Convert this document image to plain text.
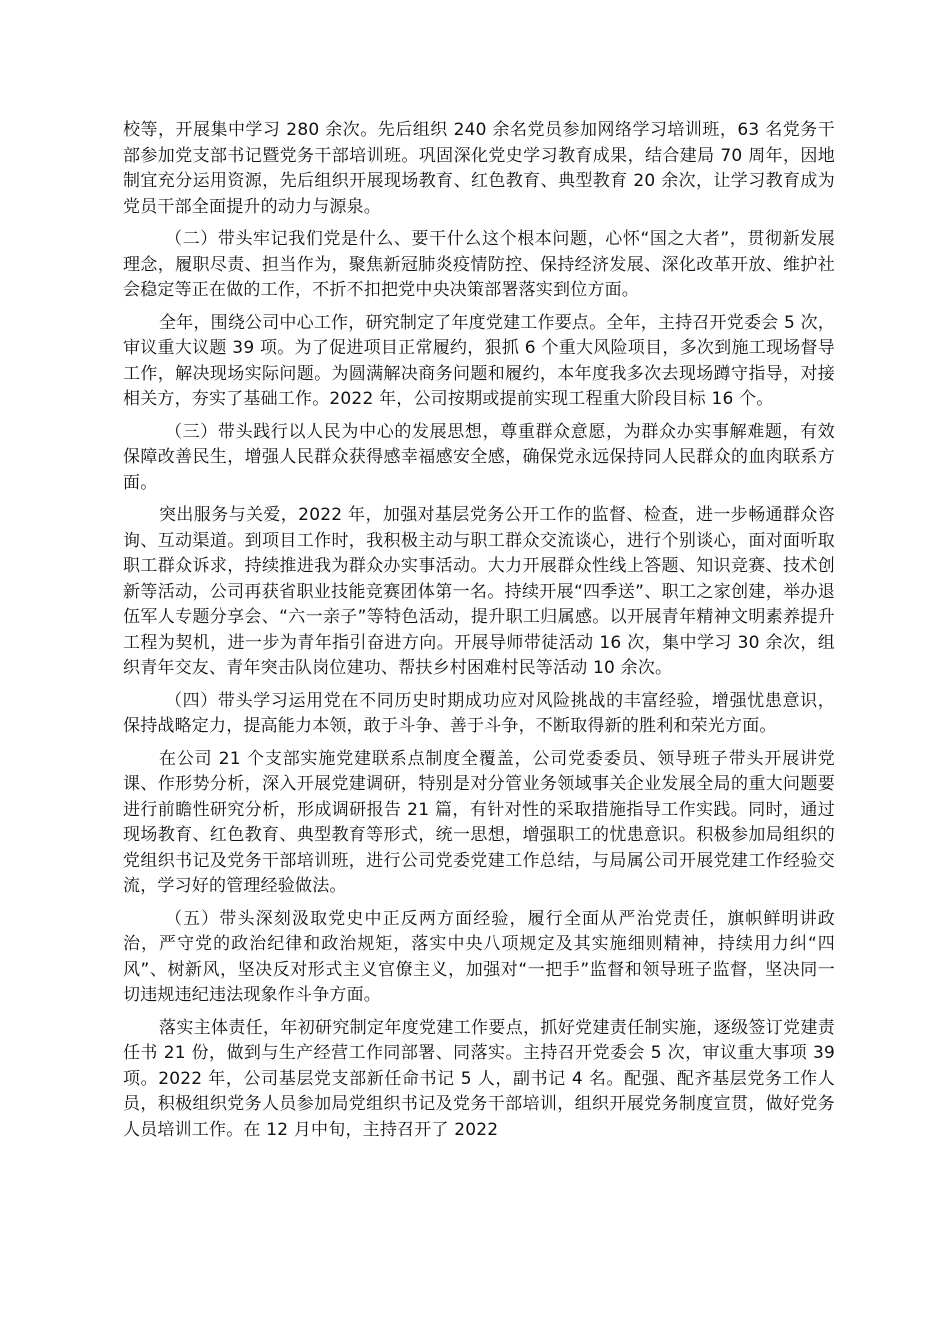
校等，开展集中学习 280 余次。先后组织 240 余名党员参加网络学习培训班，63 名党务干部参加党支部书记暨党务干部培训班。巩固深化党史学习教育成果，结合建局 70 周年，因地制宜充分运用资源，先后组织开展现场教育、红色教育、典型教育 20 余次，让学习教育成为党员干部全面提升的动力与源泉。

（二）带头牢记我们党是什么、要干什么这个根本问题，心怀“国之大者”，贯彻新发展理念，履职尽责、担当作为，聚焦新冠肺炎疫情防控、保持经济发展、深化改革开放、维护社会稳定等正在做的工作，不折不扣把党中央决策部署落实到位方面。

全年，围绕公司中心工作，研究制定了年度党建工作要点。全年，主持召开党委会 5 次，审议重大议题 39 项。为了促进项目正常履约，狠抓 6 个重大风险项目，多次到施工现场督导工作，解决现场实际问题。为圆满解决商务问题和履约，本年度我多次去现场蹲守指导，对接相关方，夯实了基础工作。2022 年，公司按期或提前实现工程重大阶段目标 16 个。

（三）带头践行以人民为中心的发展思想，尊重群众意愿，为群众办实事解难题，有效保障改善民生，增强人民群众获得感幸福感安全感，确保党永远保持同人民群众的血肉联系方面。

突出服务与关爱，2022 年，加强对基层党务公开工作的监督、检查，进一步畅通群众咨询、互动渠道。到项目工作时，我积极主动与职工群众交流谈心，进行个别谈心，面对面听取职工群众诉求，持续推进我为群众办实事活动。大力开展群众性线上答题、知识竞赛、技术创新等活动，公司再获省职业技能竞赛团体第一名。持续开展“四季送”、职工之家创建，举办退伍军人专题分享会、“六一亲子”等特色活动，提升职工归属感。以开展青年精神文明素养提升工程为契机，进一步为青年指引奋进方向。开展导师带徒活动 16 次，集中学习 30 余次，组织青年交友、青年突击队岗位建功、帮扶乡村困难村民等活动 10 余次。

（四）带头学习运用党在不同历史时期成功应对风险挑战的丰富经验，增强忧患意识，保持战略定力，提高能力本领，敢于斗争、善于斗争，不断取得新的胜利和荣光方面。

在公司 21 个支部实施党建联系点制度全覆盖，公司党委委员、领导班子带头开展讲党课、作形势分析，深入开展党建调研，特别是对分管业务领域事关企业发展全局的重大问题要进行前瞻性研究分析，形成调研报告 21 篇，有针对性的采取措施指导工作实践。同时，通过现场教育、红色教育、典型教育等形式，统一思想，增强职工的忧患意识。积极参加局组织的党组织书记及党务干部培训班，进行公司党委党建工作总结，与局属公司开展党建工作经验交流，学习好的管理经验做法。

（五）带头深刻汲取党史中正反两方面经验，履行全面从严治党责任，旗帜鲜明讲政治，严守党的政治纪律和政治规矩，落实中央八项规定及其实施细则精神，持续用力纠“四风”、树新风，坚决反对形式主义官僚主义，加强对“一把手”监督和领导班子监督，坚决同一切违规违纪违法现象作斗争方面。

落实主体责任，年初研究制定年度党建工作要点，抓好党建责任制实施，逐级签订党建责任书 21 份，做到与生产经营工作同部署、同落实。主持召开党委会 5 次，审议重大事项 39 项。2022 年，公司基层党支部新任命书记 5 人，副书记 4 名。配强、配齐基层党务工作人员，积极组织党务人员参加局党组织书记及党务干部培训，组织开展党务制度宣贯，做好党务人员培训工作。在 12 月中旬，主持召开了 2022
